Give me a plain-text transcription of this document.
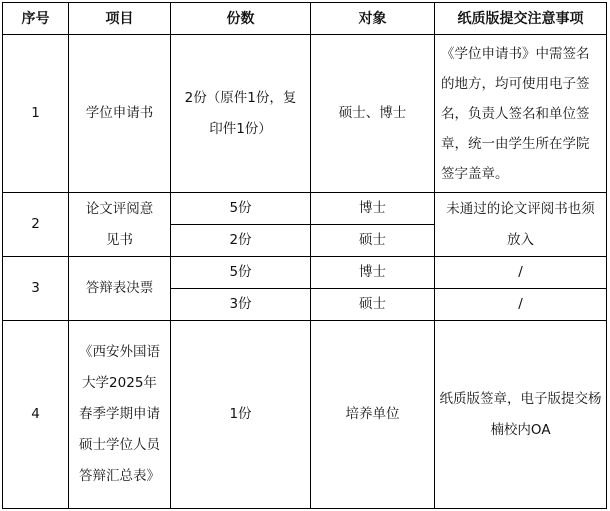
序号	项目	份数	对象	纸质版提交注意事项
1	学位申请书	2份（原件1份，复印件1份）	硕士、博士	《学位申请书》中需签名的地方，均可使用电子签名，负责人签名和单位签章，统一由学生所在学院签字盖章。

2	论文评阅意见书	5份	博士	未通过的论文评阅书也须放入

		2份	硕士	
3	答辩表决票	5份	博士	/
		3份	硕士	/
4	《西安外国语大学2025年春季学期申请硕士学位人员答辩汇总表》	1份	培养单位	纸质版签章，电子版提交杨楠校内OA
